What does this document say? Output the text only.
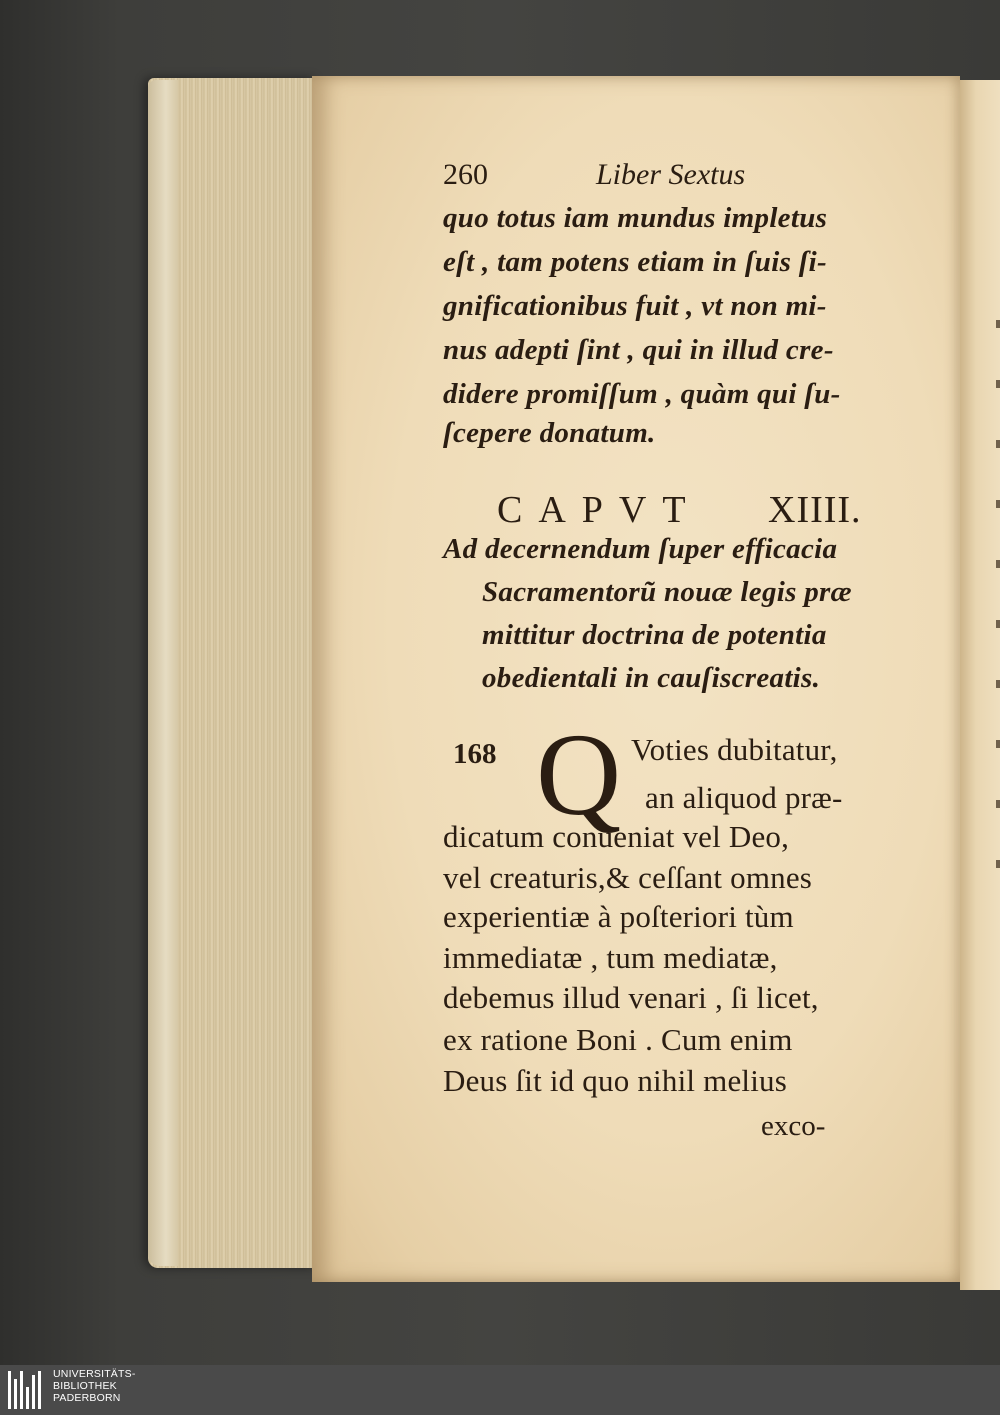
260	Liber Sextus
quo totus iam mundus impletus
eſt , tam potens etiam in ſuis ſi-
gnificationibus fuit , vt non mi-
nus adepti ſint , qui in illud cre-
didere promiſſum , quàm qui ſu-
ſcepere donatum.
CAPVT XIIII.
Ad decernendum ſuper efficacia
Sacramentorũ nouæ legis præ
mittitur doctrina de potentia
obedientali in cauſiscreatis.
168 Q Voties dubitatur,
an aliquod præ-
dicatum conueniat vel Deo,
vel creaturis,& ceſſant omnes
experientiæ à poſteriori tùm
immediatæ , tum mediatæ,
debemus illud venari , ſi licet,
ex ratione Boni . Cum enim
Deus ſit id quo nihil melius
exco-
UNIVERSITÄTS-
BIBLIOTHEK
PADERBORN
